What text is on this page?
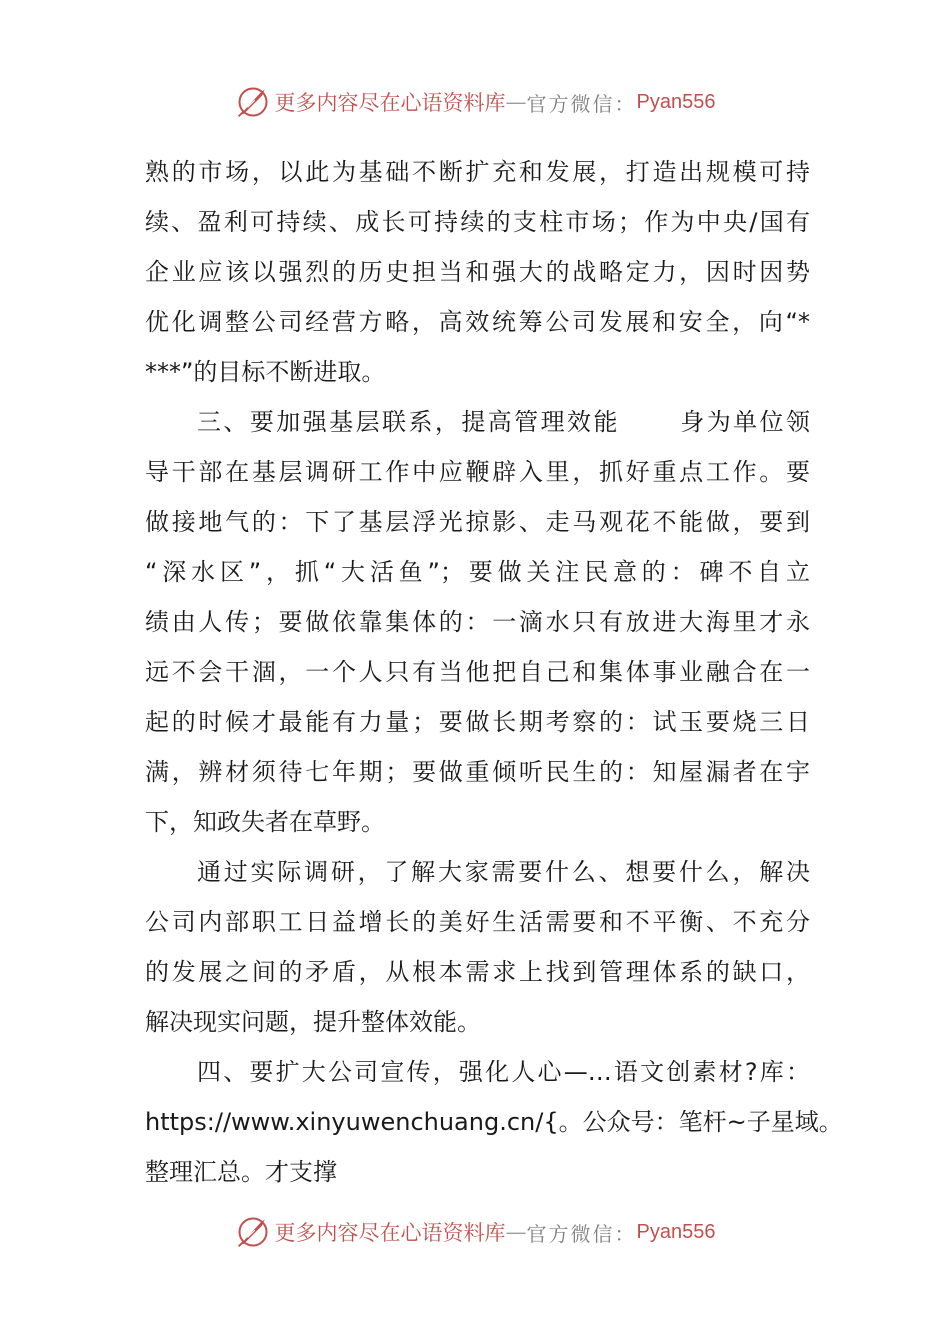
更多内容尽在心语资料库 — 官方微信： Pyan556
熟的市场，以此为基础不断扩充和发展，打造出规模可持
续、盈利可持续、成长可持续的支柱市场；作为中央/国有
企业应该以强烈的历史担当和强大的战略定力，因时因势
优化调整公司经营方略，高效统筹公司发展和安全，向“*
***”的目标不断进取。
三、要加强基层联系，提高管理效能      身为单位领
导干部在基层调研工作中应鞭辟入里，抓好重点工作。要
做接地气的：下了基层浮光掠影、走马观花不能做，要到
“深水区”，抓“大活鱼”；要做关注民意的：碑不自立
绩由人传；要做依靠集体的：一滴水只有放进大海里才永
远不会干涸，一个人只有当他把自己和集体事业融合在一
起的时候才最能有力量；要做长期考察的：试玉要烧三日
满，辨材须待七年期；要做重倾听民生的：知屋漏者在宇
下，知政失者在草野。
通过实际调研，了解大家需要什么、想要什么，解决
公司内部职工日益增长的美好生活需要和不平衡、不充分
的发展之间的矛盾，从根本需求上找到管理体系的缺口，
解决现实问题，提升整体效能。
四、要扩大公司宣传，强化人心—…语文创素材?库：
https://www.xinyuwenchuang.cn/{。公众号：笔杆~子星域。
整理汇总。才支撑
更多内容尽在心语资料库 — 官方微信： Pyan556
